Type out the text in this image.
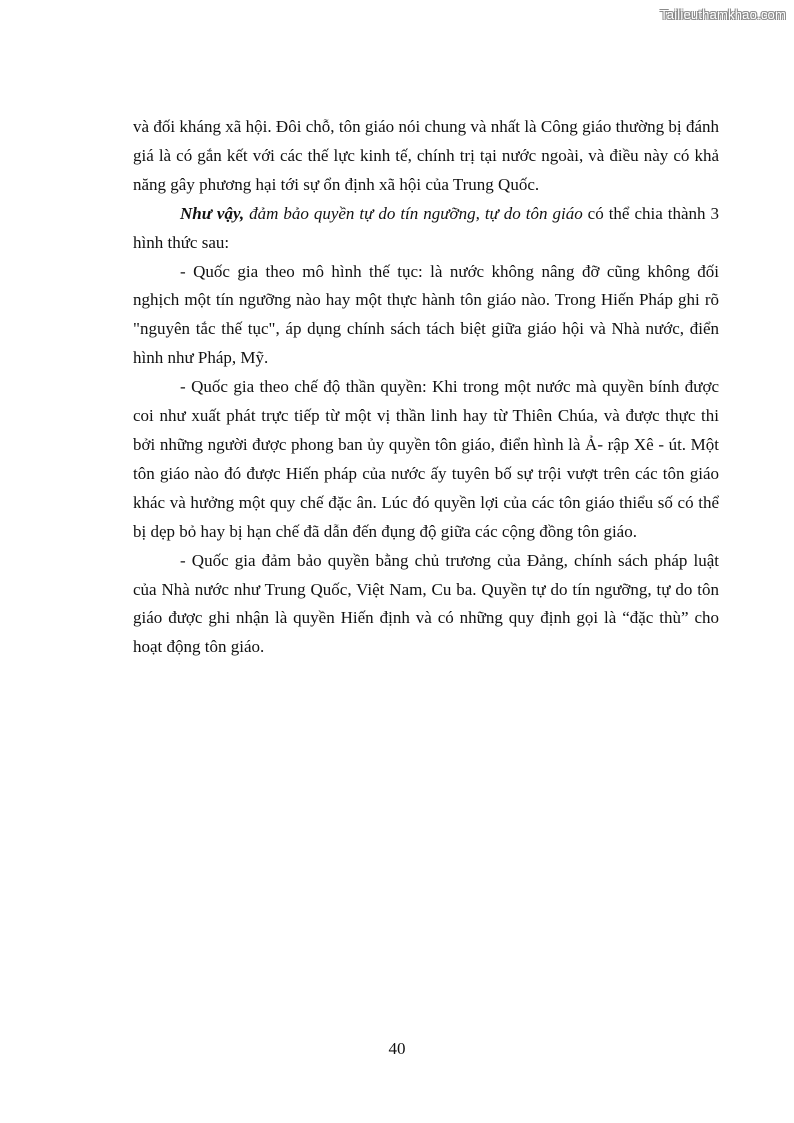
Tailieuthamkhao.com

và đối kháng xã hội. Đôi chỗ, tôn giáo nói chung và nhất là Công giáo thường bị đánh giá là có gắn kết với các thế lực kinh tế, chính trị tại nước ngoài, và điều này có khả năng gây phương hại tới sự ổn định xã hội của Trung Quốc.

Như vậy, đảm bảo quyền tự do tín ngưỡng, tự do tôn giáo có thể chia thành 3 hình thức sau:

- Quốc gia theo mô hình thế tục: là nước không nâng đỡ cũng không đối nghịch một tín ngưỡng nào hay một thực hành tôn giáo nào. Trong Hiến Pháp ghi rõ "nguyên tắc thế tục", áp dụng chính sách tách biệt giữa giáo hội và Nhà nước, điển hình như Pháp, Mỹ.

- Quốc gia theo chế độ thần quyền: Khi trong một nước mà quyền bính được coi như xuất phát trực tiếp từ một vị thần linh hay từ Thiên Chúa, và được thực thi bởi những người được phong ban ủy quyền tôn giáo, điển hình là Ả- rập Xê - út. Một tôn giáo nào đó được Hiến pháp của nước ấy tuyên bố sự trội vượt trên các tôn giáo khác và hưởng một quy chế đặc ân. Lúc đó quyền lợi của các tôn giáo thiểu số có thể bị dẹp bỏ hay bị hạn chế đã dẫn đến đụng độ giữa các cộng đồng tôn giáo.

- Quốc gia đảm bảo quyền bằng chủ trương của Đảng, chính sách pháp luật của Nhà nước như Trung Quốc, Việt Nam, Cu ba. Quyền tự do tín ngưỡng, tự do tôn giáo được ghi nhận là quyền Hiến định và có những quy định gọi là “đặc thù” cho hoạt động tôn giáo.

40
